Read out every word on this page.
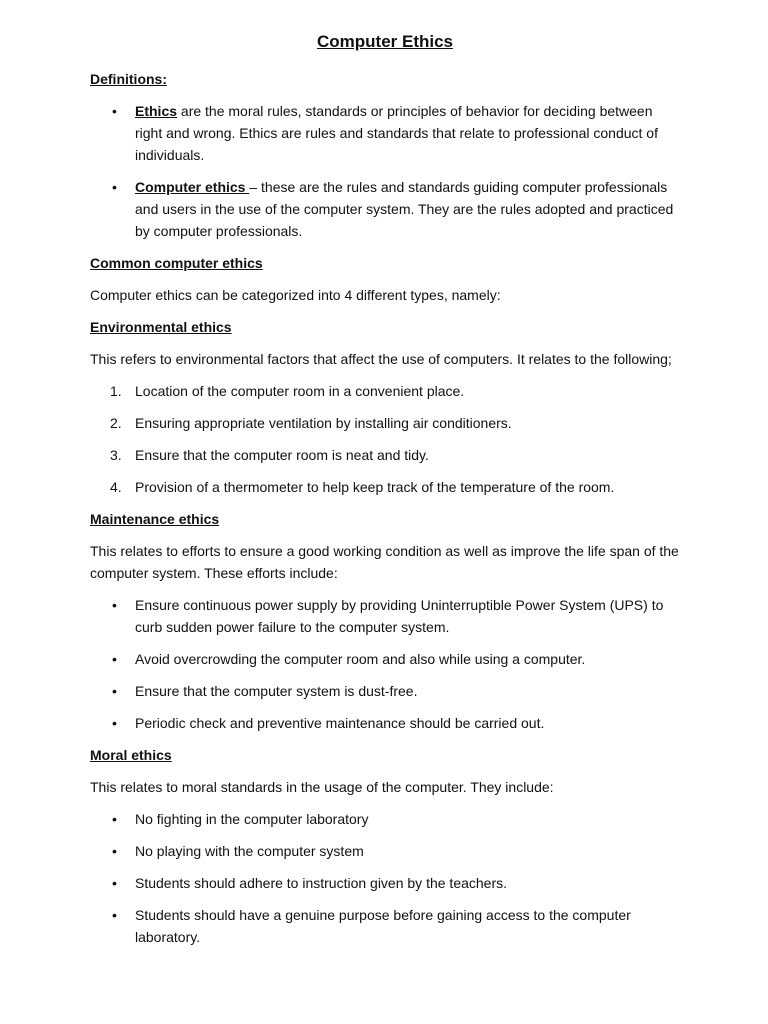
Computer Ethics
Definitions:
• Ethics are the moral rules, standards or principles of behavior for deciding between right and wrong. Ethics are rules and standards that relate to professional conduct of individuals.
• Computer ethics – these are the rules and standards guiding computer professionals and users in the use of the computer system. They are the rules adopted and practiced by computer professionals.
Common computer ethics
Computer ethics can be categorized into 4 different types, namely:
Environmental ethics
This refers to environmental factors that affect the use of computers. It relates to the following;
1. Location of the computer room in a convenient place.
2. Ensuring appropriate ventilation by installing air conditioners.
3. Ensure that the computer room is neat and tidy.
4. Provision of a thermometer to help keep track of the temperature of the room.
Maintenance ethics
This relates to efforts to ensure a good working condition as well as improve the life span of the computer system. These efforts include:
• Ensure continuous power supply by providing Uninterruptible Power System (UPS) to curb sudden power failure to the computer system.
• Avoid overcrowding the computer room and also while using a computer.
• Ensure that the computer system is dust-free.
• Periodic check and preventive maintenance should be carried out.
Moral ethics
This relates to moral standards in the usage of the computer. They include:
• No fighting in the computer laboratory
• No playing with the computer system
• Students should adhere to instruction given by the teachers.
• Students should have a genuine purpose before gaining access to the computer laboratory.
